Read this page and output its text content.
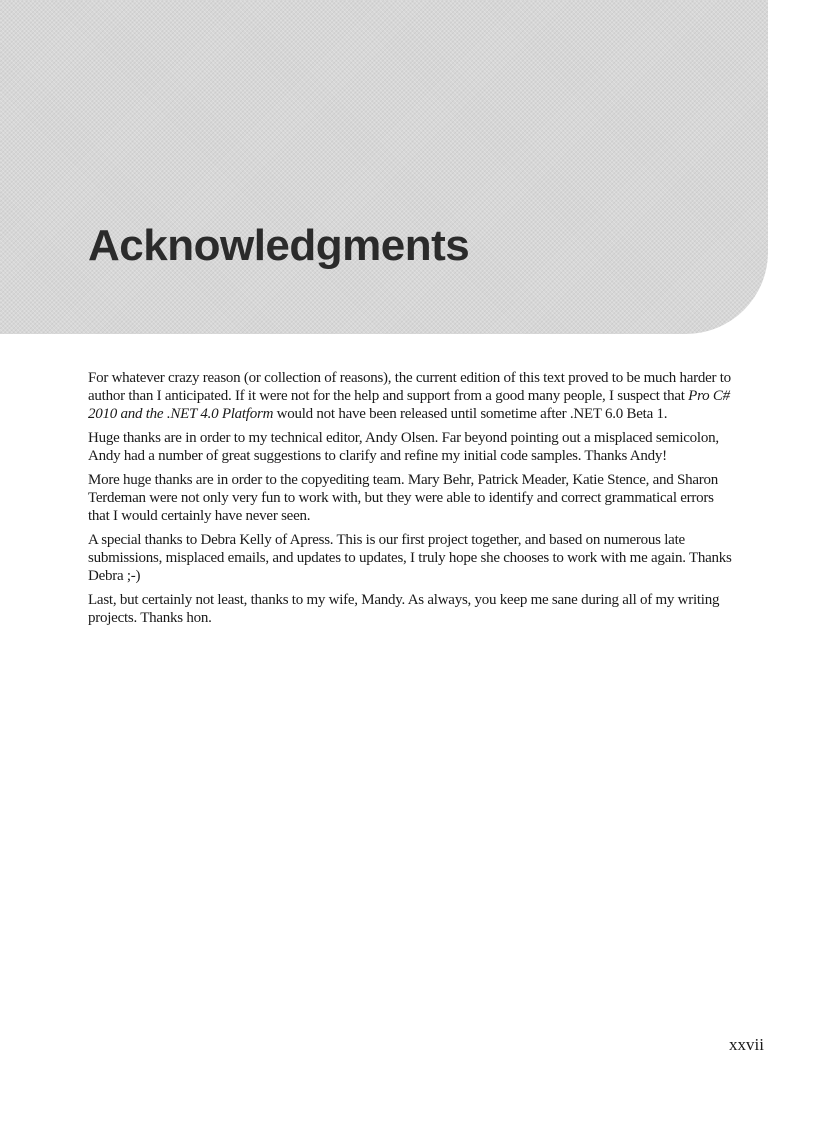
Acknowledgments

For whatever crazy reason (or collection of reasons), the current edition of this text proved to be much harder to author than I anticipated. If it were not for the help and support from a good many people, I suspect that Pro C# 2010 and the .NET 4.0 Platform would not have been released until sometime after .NET 6.0 Beta 1.

Huge thanks are in order to my technical editor, Andy Olsen. Far beyond pointing out a misplaced semicolon, Andy had a number of great suggestions to clarify and refine my initial code samples. Thanks Andy!

More huge thanks are in order to the copyediting team. Mary Behr, Patrick Meader, Katie Stence, and Sharon Terdeman were not only very fun to work with, but they were able to identify and correct grammatical errors that I would certainly have never seen.

A special thanks to Debra Kelly of Apress. This is our first project together, and based on numerous late submissions, misplaced emails, and updates to updates, I truly hope she chooses to work with me again. Thanks Debra ;-)

Last, but certainly not least, thanks to my wife, Mandy. As always, you keep me sane during all of my writing projects. Thanks hon.

xxvii
